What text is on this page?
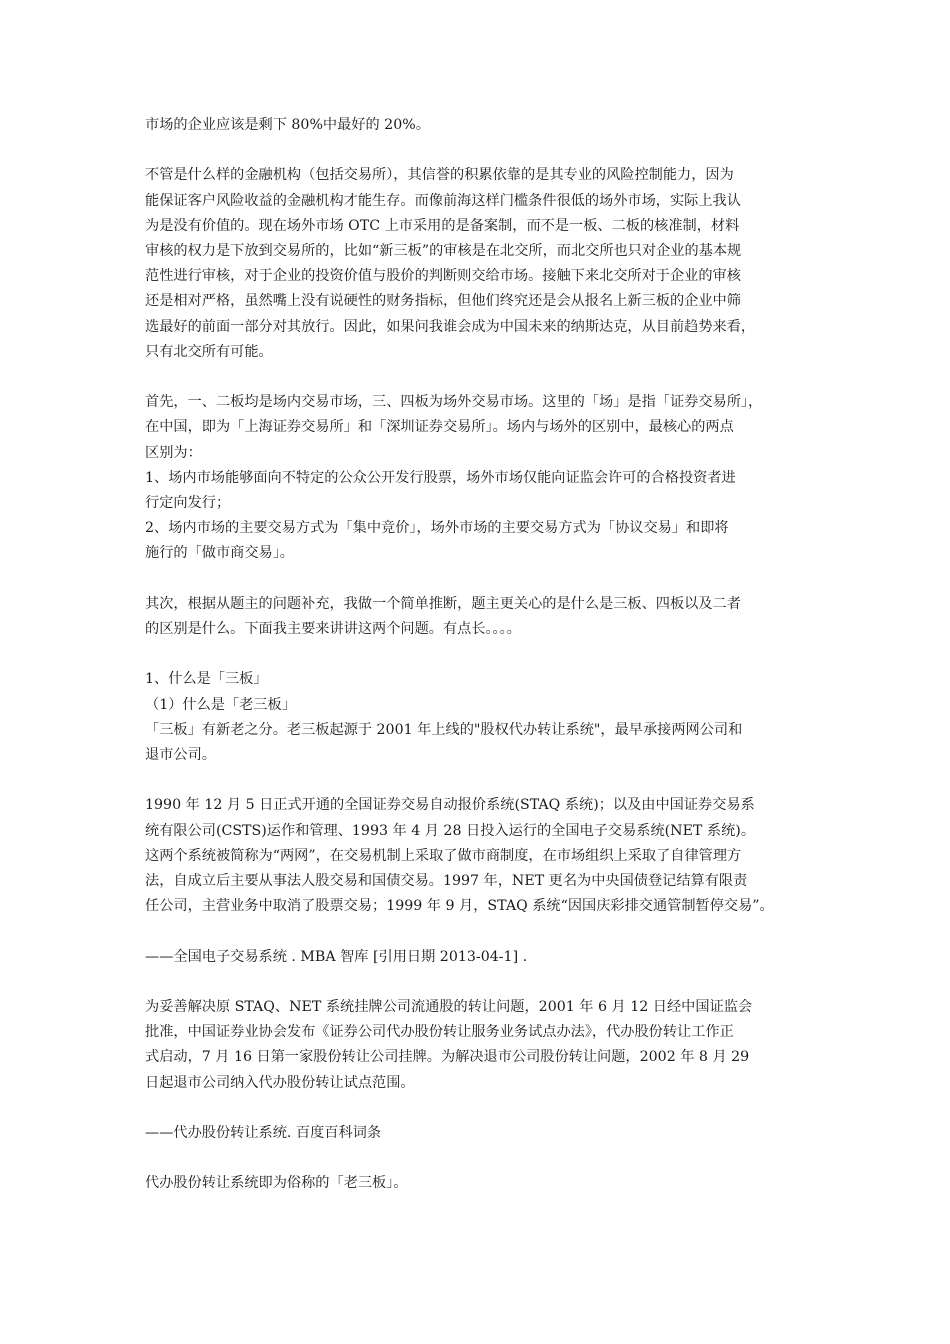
市场的企业应该是剩下 80%中最好的 20%。
不管是什么样的金融机构（包括交易所），其信誉的积累依靠的是其专业的风险控制能力，因为
能保证客户风险收益的金融机构才能生存。而像前海这样门槛条件很低的场外市场，实际上我认
为是没有价值的。现在场外市场 OTC 上市采用的是备案制，而不是一板、二板的核准制，材料
审核的权力是下放到交易所的，比如“新三板”的审核是在北交所，而北交所也只对企业的基本规
范性进行审核，对于企业的投资价值与股价的判断则交给市场。接触下来北交所对于企业的审核
还是相对严格，虽然嘴上没有说硬性的财务指标，但他们终究还是会从报名上新三板的企业中筛
选最好的前面一部分对其放行。因此，如果问我谁会成为中国未来的纳斯达克，从目前趋势来看，
只有北交所有可能。
首先，一、二板均是场内交易市场，三、四板为场外交易市场。这里的「场」是指「证券交易所」，
在中国，即为「上海证券交易所」和「深圳证券交易所」。场内与场外的区别中，最核心的两点
区别为：
1、场内市场能够面向不特定的公众公开发行股票，场外市场仅能向证监会许可的合格投资者进
行定向发行；
2、场内市场的主要交易方式为「集中竞价」，场外市场的主要交易方式为「协议交易」和即将
施行的「做市商交易」。
其次，根据从题主的问题补充，我做一个简单推断，题主更关心的是什么是三板、四板以及二者
的区别是什么。下面我主要来讲讲这两个问题。有点长。。。。
1、什么是「三板」
（1）什么是「老三板」
「三板」有新老之分。老三板起源于 2001 年上线的"股权代办转让系统"，最早承接两网公司和
退市公司。
1990 年 12 月 5 日正式开通的全国证券交易自动报价系统(STAQ 系统)；以及由中国证券交易系
统有限公司(CSTS)运作和管理、1993 年 4 月 28 日投入运行的全国电子交易系统(NET 系统)。
这两个系统被简称为“两网”，在交易机制上采取了做市商制度，在市场组织上采取了自律管理方
法，自成立后主要从事法人股交易和国债交易。1997 年，NET 更名为中央国债登记结算有限责
任公司，主营业务中取消了股票交易；1999 年 9 月，STAQ 系统“因国庆彩排交通管制暂停交易”。
——全国电子交易系统 . MBA 智库 [引用日期 2013-04-1] .
为妥善解决原 STAQ、NET 系统挂牌公司流通股的转让问题，2001 年 6 月 12 日经中国证监会
批准，中国证券业协会发布《证券公司代办股份转让服务业务试点办法》，代办股份转让工作正
式启动，7 月 16 日第一家股份转让公司挂牌。为解决退市公司股份转让问题，2002 年 8 月 29
日起退市公司纳入代办股份转让试点范围。
——代办股份转让系统. 百度百科词条
代办股份转让系统即为俗称的「老三板」。
